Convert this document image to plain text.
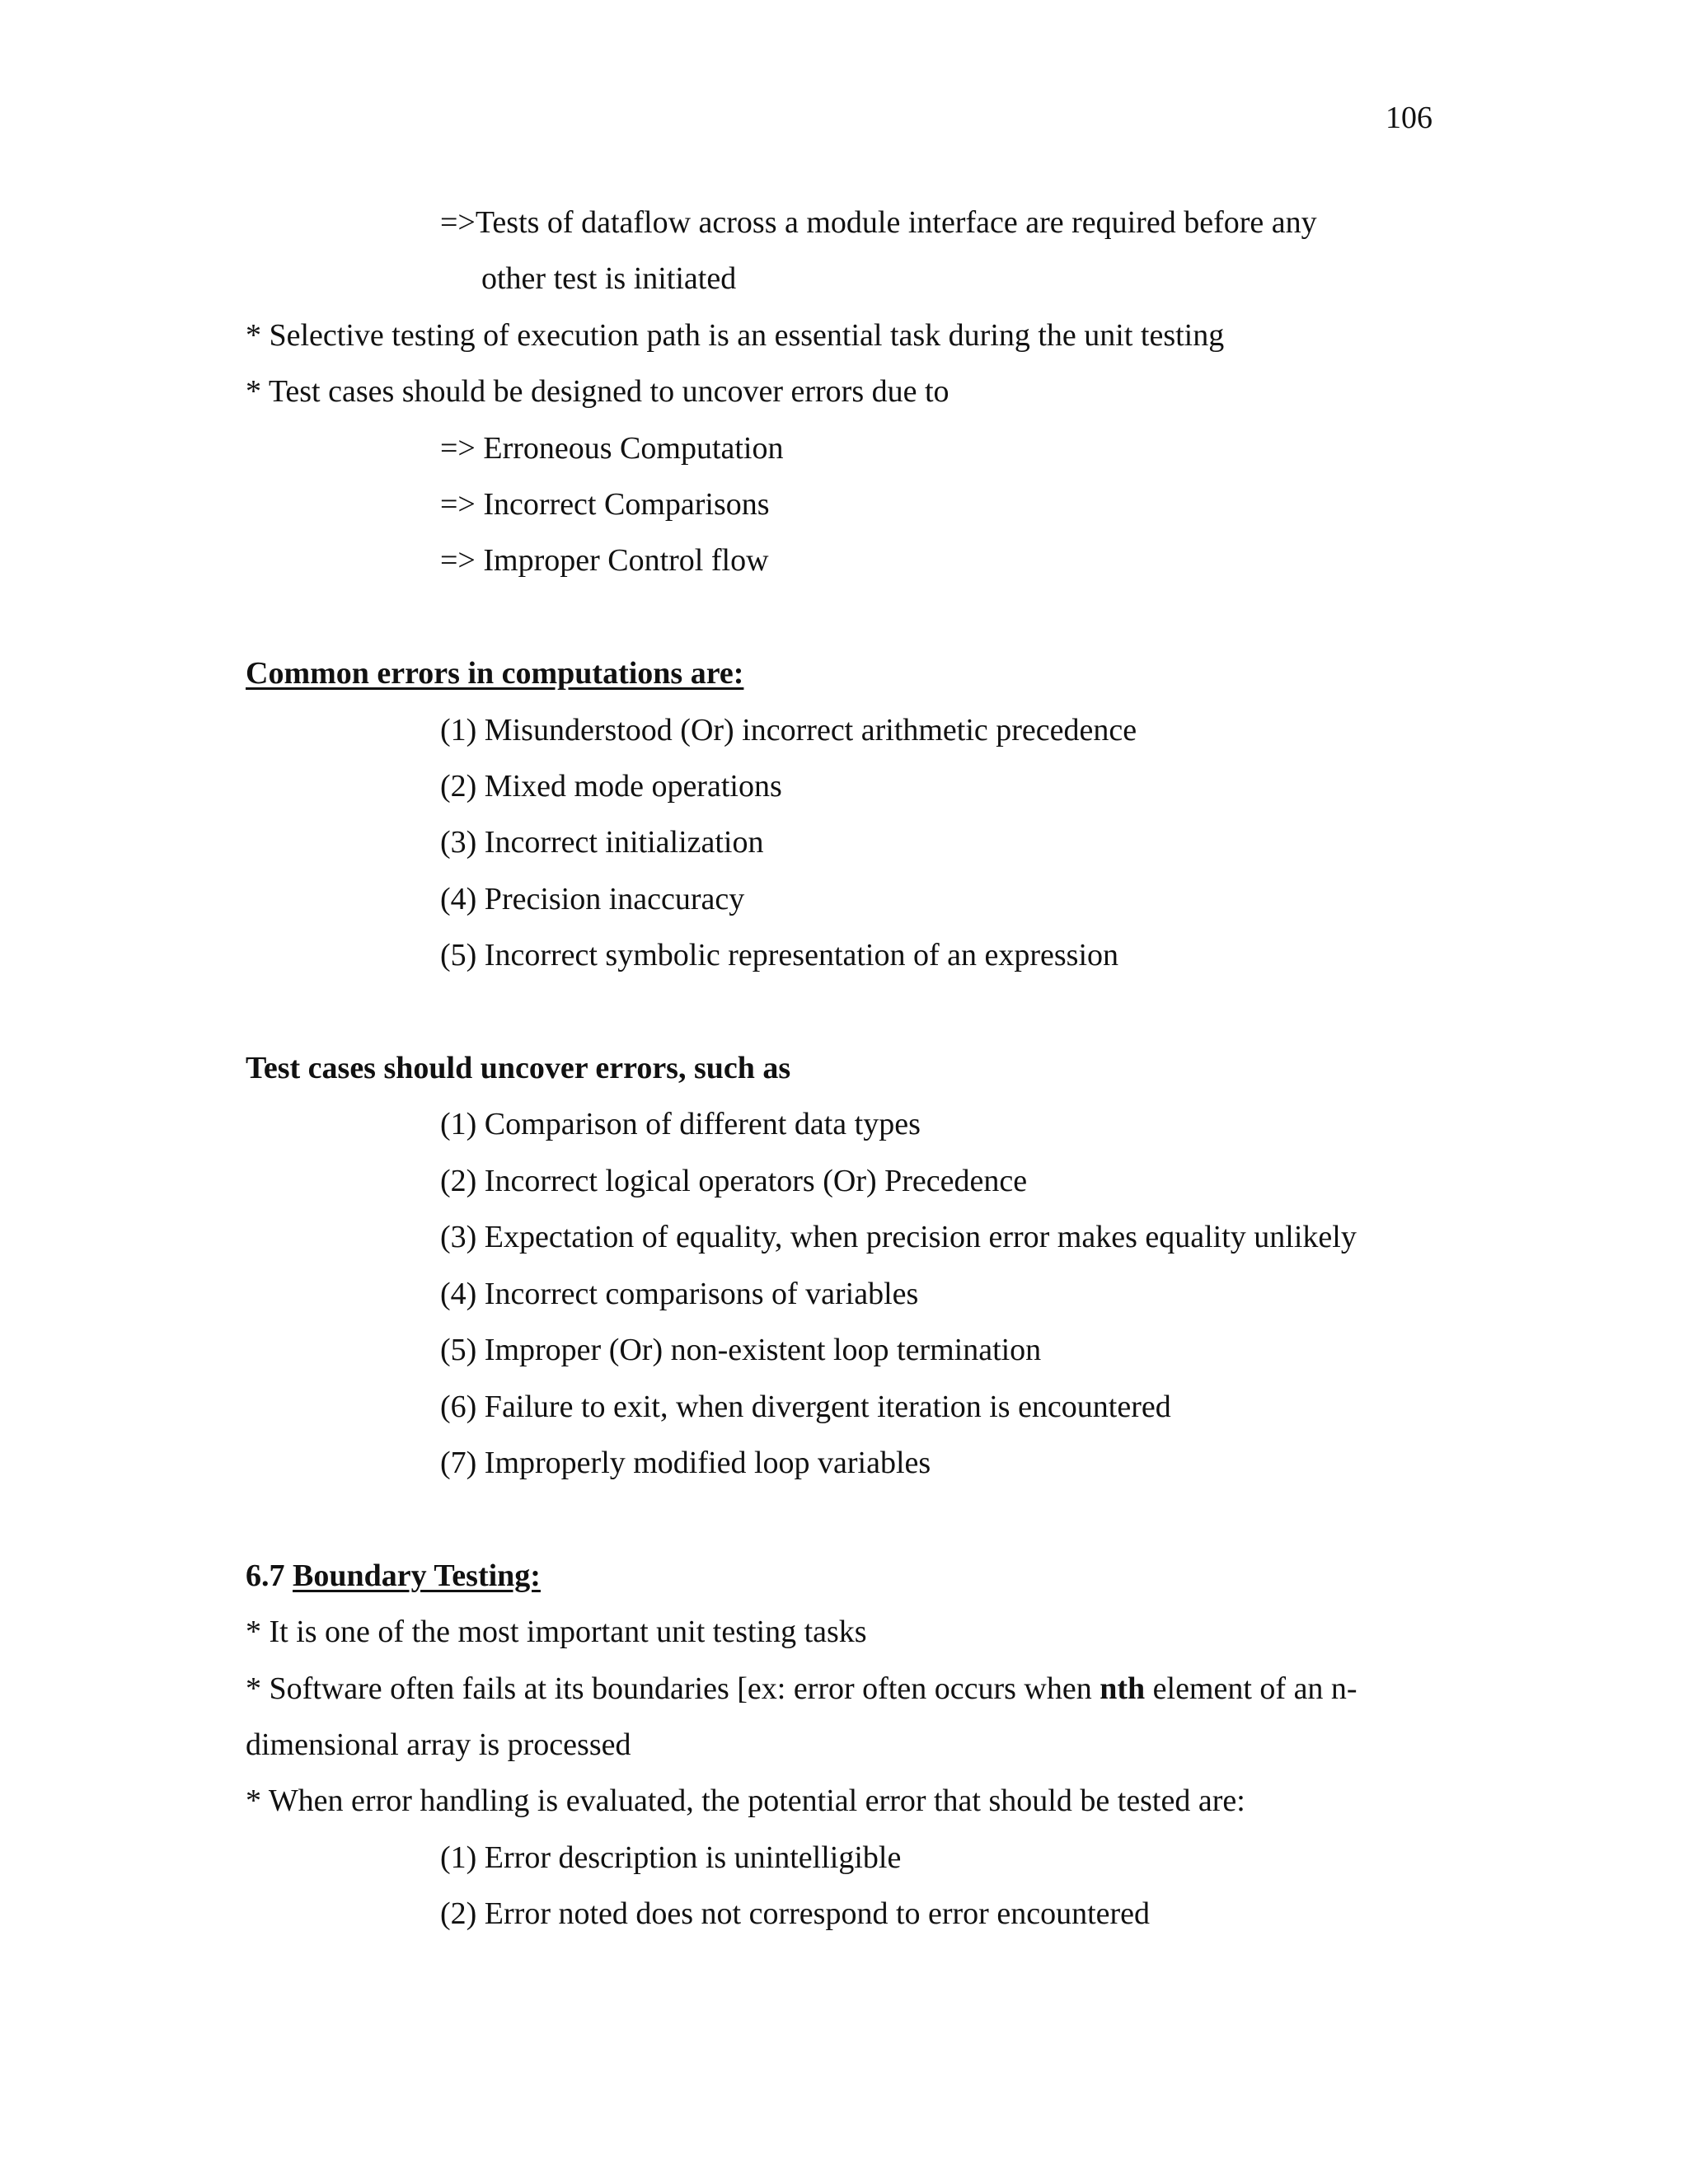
106

=>Tests of dataflow across a module interface are required before any

other test is initiated

* Selective testing of execution path is an essential task during the unit testing

* Test cases should be designed to uncover errors due to

=> Erroneous Computation

=> Incorrect Comparisons

=> Improper Control flow

Common errors in computations are:

(1) Misunderstood (Or) incorrect arithmetic precedence

(2) Mixed mode operations

(3) Incorrect initialization

(4) Precision inaccuracy

(5) Incorrect symbolic representation of an expression

Test cases should uncover errors, such as

(1) Comparison of different data types

(2) Incorrect logical operators (Or) Precedence

(3) Expectation of equality, when precision error makes equality unlikely

(4) Incorrect comparisons of variables

(5) Improper (Or) non-existent loop termination

(6) Failure to exit, when divergent iteration is encountered

(7) Improperly modified loop variables

6.7 Boundary Testing:

* It is one of the most important unit testing tasks

* Software often fails at its boundaries [ex: error often occurs when nth element of an n-dimensional array is processed

* When error handling is evaluated, the potential error that should be tested are:

(1) Error description is unintelligible

(2) Error noted does not correspond to error encountered
